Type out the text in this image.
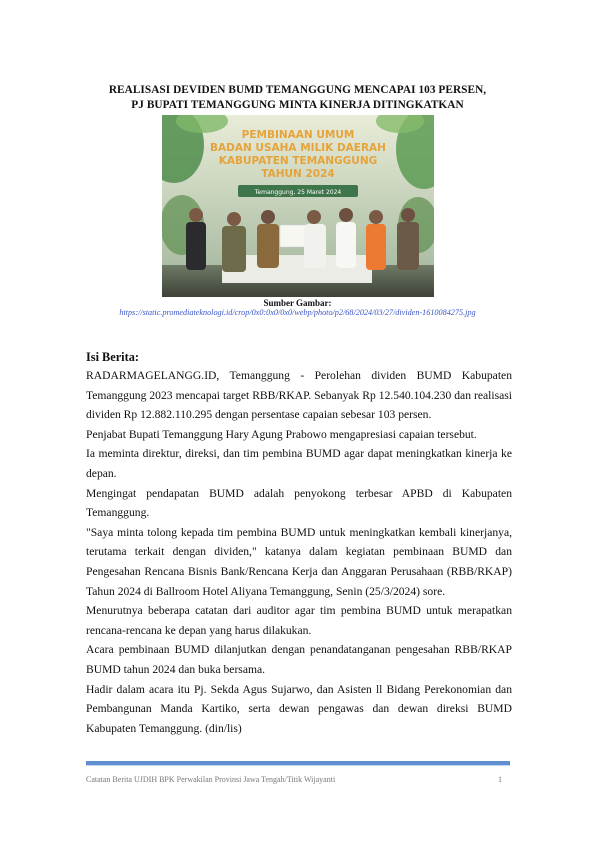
REALISASI DEVIDEN BUMD TEMANGGUNG MENCAPAI 103 PERSEN,
PJ BUPATI TEMANGGUNG MINTA KINERJA DITINGKATKAN
PEMBINAAN UMUM
BADAN USAHA MILIK DAERAH
KABUPATEN TEMANGGUNG
TAHUN 2024
Temanggung, 25 Maret 2024
Sumber Gambar:
https://static.promediateknologi.id/crop/0x0:0x0/0x0/webp/photo/p2/68/2024/03/27/dividen-1610084275.jpg
Isi Berita:

RADARMAGELANGG.ID, Temanggung - Perolehan dividen BUMD Kabupaten Temanggung 2023 mencapai target RBB/RKAP. Sebanyak Rp 12.540.104.230 dan realisasi dividen Rp 12.882.110.295 dengan persentase capaian sebesar 103 persen.

Penjabat Bupati Temanggung Hary Agung Prabowo mengapresiasi capaian tersebut.

Ia meminta direktur, direksi, dan tim pembina BUMD agar dapat meningkatkan kinerja ke depan.

Mengingat pendapatan BUMD adalah penyokong terbesar APBD di Kabupaten Temanggung.

"Saya minta tolong kepada tim pembina BUMD untuk meningkatkan kembali kinerjanya, terutama terkait dengan dividen," katanya dalam kegiatan pembinaan BUMD dan Pengesahan Rencana Bisnis Bank/Rencana Kerja dan Anggaran Perusahaan (RBB/RKAP) Tahun 2024 di Ballroom Hotel Aliyana Temanggung, Senin (25/3/2024) sore.

Menurutnya beberapa catatan dari auditor agar tim pembina BUMD untuk merapatkan rencana-rencana ke depan yang harus dilakukan.

Acara pembinaan BUMD dilanjutkan dengan penandatanganan pengesahan RBB/RKAP BUMD tahun 2024 dan buka bersama.

Hadir dalam acara itu Pj. Sekda Agus Sujarwo, dan Asisten ll Bidang Perekonomian dan Pembangunan Manda Kartiko, serta dewan pengawas dan dewan direksi BUMD Kabupaten Temanggung. (din/lis)

Catatan Berita UJDIH BPK Perwakilan Provinsi Jawa Tengah/Titik Wijayanti	1
